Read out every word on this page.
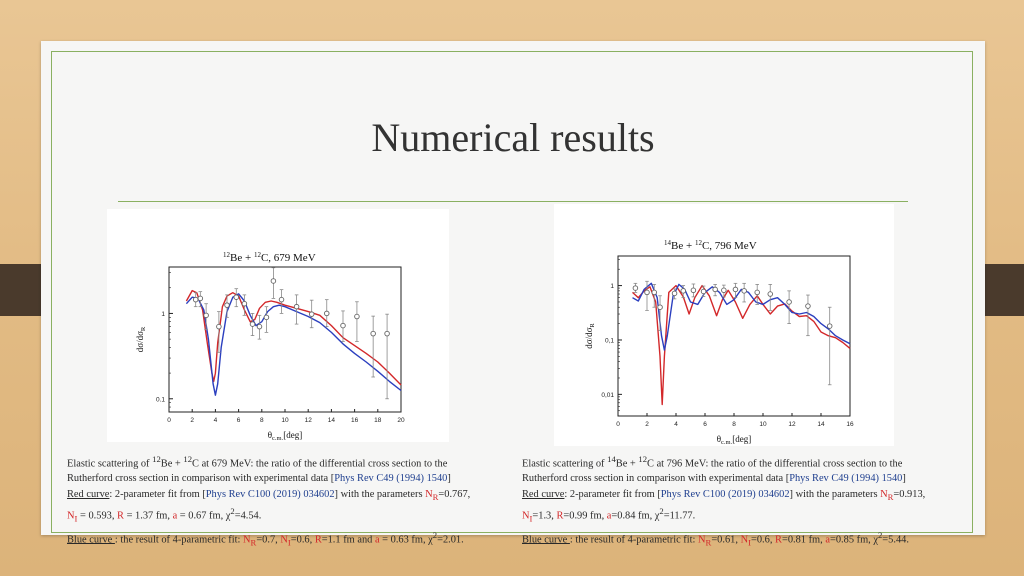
Numerical results
$^{12}_{Be +}$ $^{12}_{C, 679 MeV}$
0	2	4	6	8	10 12 14 16 18 20
0.1
1
$\theta_{c.m.}[deg]$
$d\sigma/d\sigma_R$
$^{14}_{Be +}$ $^{12}_{C, 796 MeV}$
0	2	4	6	8	10	12	14	16
0,01
0,1
1
$\theta_{c.m.}[deg]$
$d\sigma/d\sigma_R$

Elastic scattering of $^{12}$Be + $^{12}$C at 679 MeV: the ratio of the differential cross section to the

Rutherford cross section in comparison with experimental data [Phys Rev C49 (1994) 1540]

Red curve: 2-parameter fit from [Phys Rev C100 (2019) 034602] with the parameters $N_R=0.767$,

$N_I = 0.593$, R = 1.37 fm, a = 0.67 fm, $\chi^2=4.54$.

Blue curve : the result of 4-parametric fit: $N_R=0.7$, $N_I=0.6$, R=1.1 fm and a = 0.63 fm, $\chi^2=2.01$.

Elastic scattering of $^{14}$Be + $^{12}$C at 796 MeV: the ratio of the differential cross section to the

Rutherford cross section in comparison with experimental data [Phys Rev C49 (1994) 1540]

Red curve: 2-parameter fit from [Phys Rev C100 (2019) 034602] with the parameters $N_R=0.913$,

$N_I=1.3$, R=0.99 fm, a=0.84 fm, $\chi^2=11.77$.

Blue curve : the result of 4-parametric fit: $N_R=0.61$, $N_I=0.6$, R=0.81 fm, a=0.85 fm, $\chi^2=5.44$.
